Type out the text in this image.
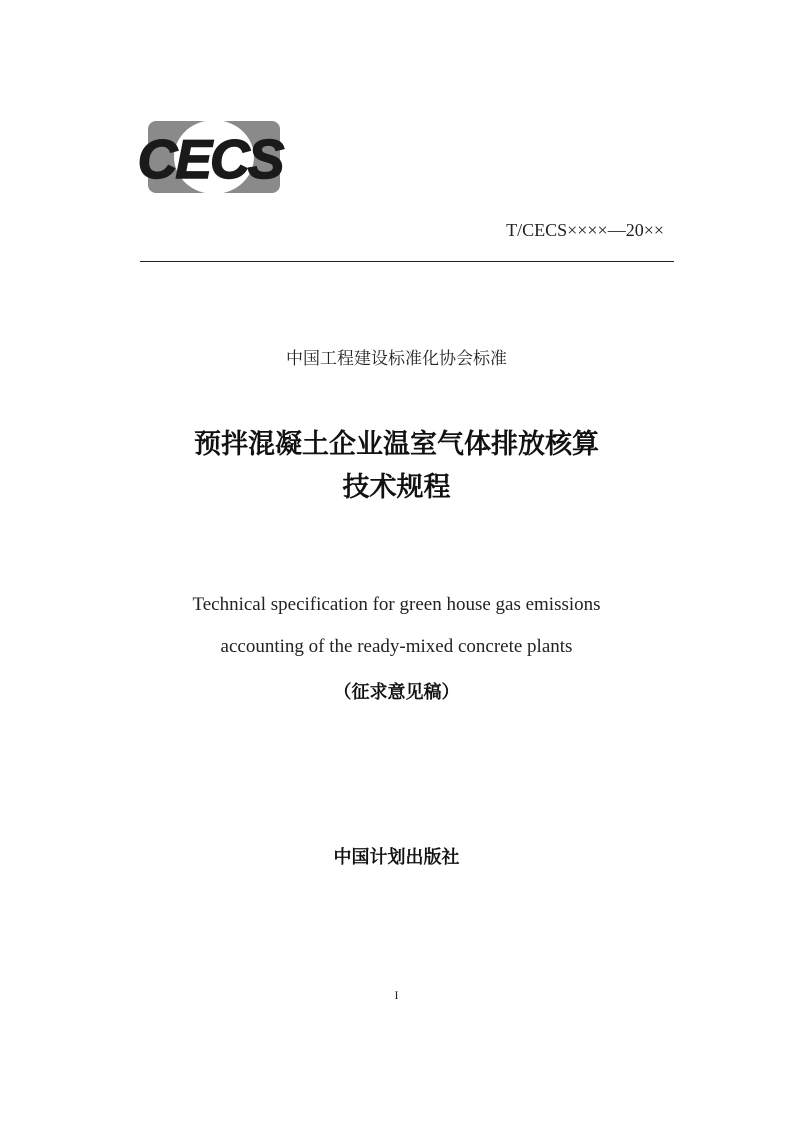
CECS
T/CECS××××—20××
中国工程建设标准化协会标准
预拌混凝土企业温室气体排放核算
技术规程
Technical specification for green house gas emissions
accounting of the ready-mixed concrete plants
（征求意见稿）
中国计划出版社
I
